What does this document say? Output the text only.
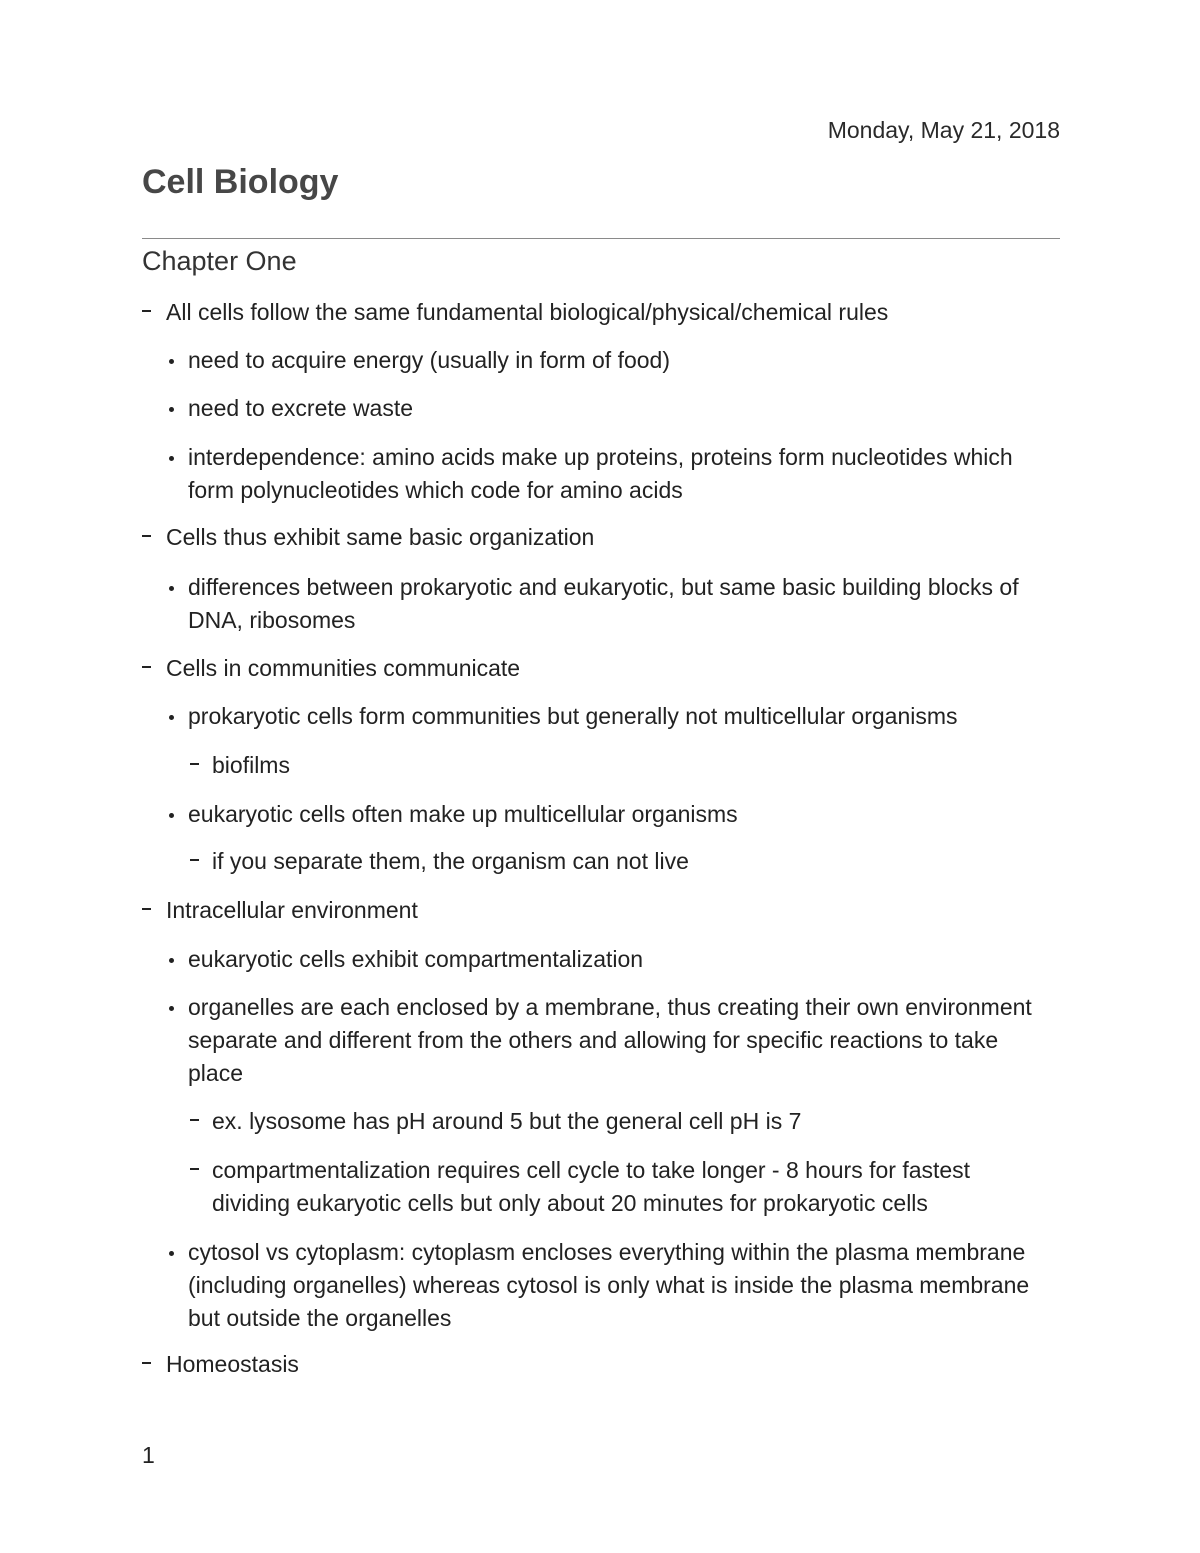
Monday, May 21, 2018
Cell Biology
Chapter One
All cells follow the same fundamental biological/physical/chemical rules
need to acquire energy (usually in form of food)
need to excrete waste
interdependence: amino acids make up proteins, proteins form nucleotides which
form polynucleotides which code for amino acids
Cells thus exhibit same basic organization
differences between prokaryotic and eukaryotic, but same basic building blocks of
DNA, ribosomes
Cells in communities communicate
prokaryotic cells form communities but generally not multicellular organisms
biofilms
eukaryotic cells often make up multicellular organisms
if you separate them, the organism can not live
Intracellular environment
eukaryotic cells exhibit compartmentalization
organelles are each enclosed by a membrane, thus creating their own environment
separate and different from the others and allowing for specific reactions to take
place
ex. lysosome has pH around 5 but the general cell pH is 7
compartmentalization requires cell cycle to take longer - 8 hours for fastest
dividing eukaryotic cells but only about 20 minutes for prokaryotic cells
cytosol vs cytoplasm: cytoplasm encloses everything within the plasma membrane
(including organelles) whereas cytosol is only what is inside the plasma membrane
but outside the organelles
Homeostasis
1
